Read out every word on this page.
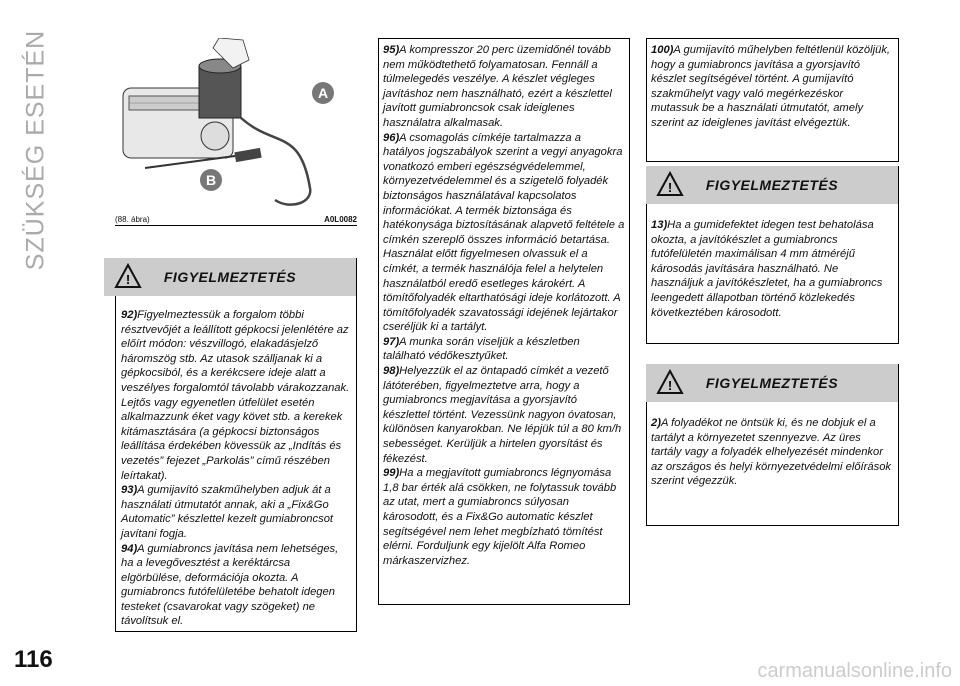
SZÜKSÉG ESETÉN
116	carmanualsonline.info
A
B
(88. ábra)	A0L0082
!	FIGYELMEZTETÉS

92)Figyelmeztessük a forgalom többi résztvevőjét a leállított gépkocsi jelenlétére az előírt módon: vészvillogó, elakadásjelző háromszög stb. Az utasok szálljanak ki a gépkocsiból, és a kerékcsere ideje alatt a veszélyes forgalomtól távolabb várakozzanak. Lejtős vagy egyenetlen útfelület esetén alkalmazzunk éket vagy követ stb. a kerekek kitámasztására (a gépkocsi biztonságos leállítása érdekében kövessük az „Indítás és vezetés” fejezet „Parkolás” című részében leírtakat).

93)A gumijavító szakműhelyben adjuk át a használati útmutatót annak, aki a „Fix&Go Automatic” készlettel kezelt gumiabroncsot javítani fogja.

94)A gumiabroncs javítása nem lehetséges, ha a levegővesztést a keréktárcsa elgörbülése, deformációja okozta. A gumiabroncs futófelületébe behatolt idegen testeket (csavarokat vagy szögeket) ne távolítsuk el.

95)A kompresszor 20 perc üzemidőnél tovább nem működtethető folyamatosan. Fennáll a túlmelegedés veszélye. A készlet végleges javításhoz nem használható, ezért a készlettel javított gumiabroncsok csak ideiglenes használatra alkalmasak.

96)A csomagolás címkéje tartalmazza a hatályos jogszabályok szerint a vegyi anyagokra vonatkozó emberi egészségvédelemmel, környezetvédelemmel és a szigetelő folyadék biztonságos használatával kapcsolatos információkat. A termék biztonsága és hatékonysága biztosításának alapvető feltétele a címkén szereplő összes információ betartása. Használat előtt figyelmesen olvassuk el a címkét, a termék használója felel a helytelen használatból eredő esetleges károkért. A tömítőfolyadék eltarthatósági ideje korlátozott. A tömítőfolyadék szavatossági idejének lejártakor cseréljük ki a tartályt.

97)A munka során viseljük a készletben található védőkesztyűket.

98)Helyezzük el az öntapadó címkét a vezető látóterében, figyelmeztetve arra, hogy a gumiabroncs megjavítása a gyorsjavító készlettel történt. Vezessünk nagyon óvatosan, különösen kanyarokban. Ne lépjük túl a 80 km/h sebességet. Kerüljük a hirtelen gyorsítást és fékezést.

99)Ha a megjavított gumiabroncs légnyomása 1,8 bar érték alá csökken, ne folytassuk tovább az utat, mert a gumiabroncs súlyosan károsodott, és a Fix&Go automatic készlet segítségével nem lehet megbízható tömítést elérni. Forduljunk egy kijelölt Alfa Romeo márkaszervizhez.

100)A gumijavító műhelyben feltétlenül közöljük, hogy a gumiabroncs javítása a gyorsjavító készlet segítségével történt. A gumijavító szakműhelyt vagy való megérkezéskor mutassuk be a használati útmutatót, amely szerint az ideiglenes javítást elvégeztük.

!	FIGYELMEZTETÉS

13)Ha a gumidefektet idegen test behatolása okozta, a javítókészlet a gumiabroncs futófelületén maximálisan 4 mm átméréjű károsodás javítására használható. Ne használjuk a javítókészletet, ha a gumiabroncs leengedett állapotban történő közlekedés következtében károsodott.

!	FIGYELMEZTETÉS

2)A folyadékot ne öntsük ki, és ne dobjuk el a tartályt a környezetet szennyezve. Az üres tartály vagy a folyadék elhelyezését mindenkor az országos és helyi környezetvédelmi előírások szerint végezzük.
